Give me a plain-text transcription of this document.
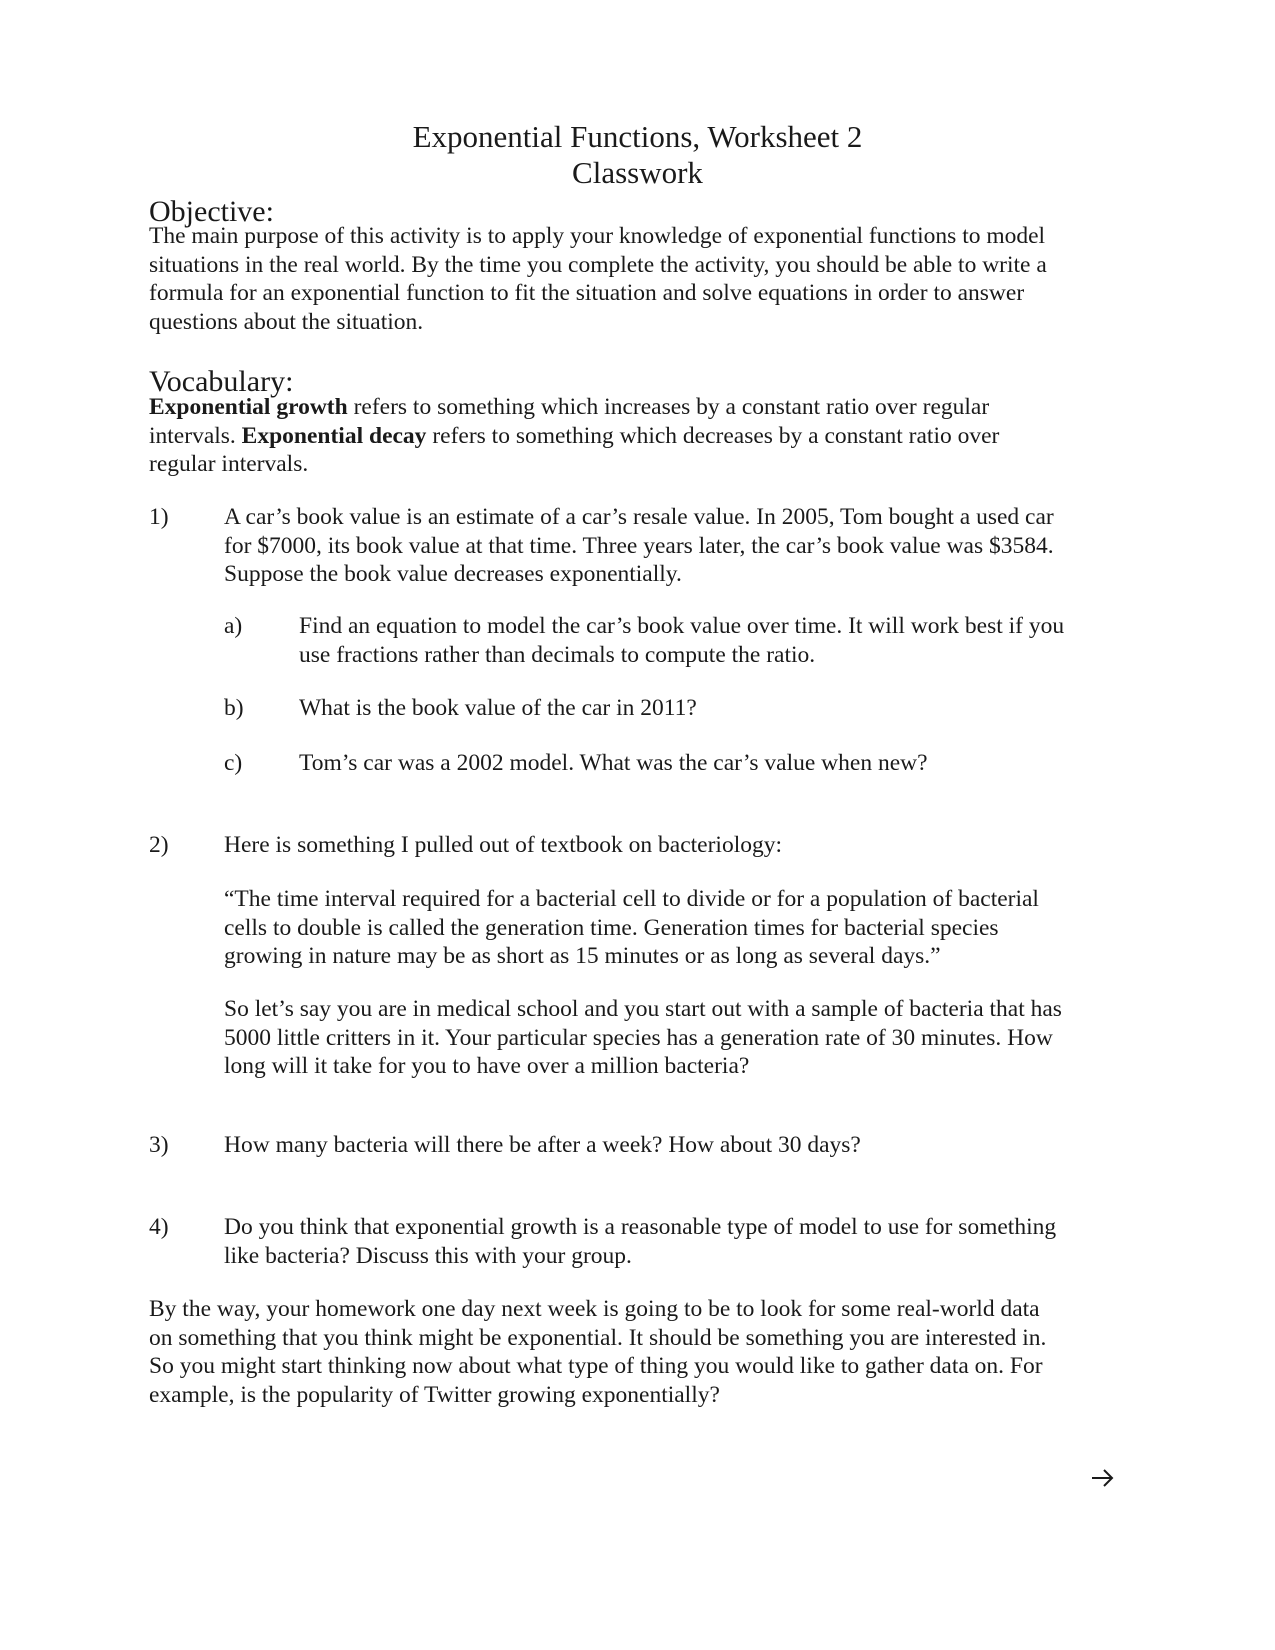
Exponential Functions, Worksheet 2
Classwork
Objective:
The main purpose of this activity is to apply your knowledge of exponential functions to model
situations in the real world. By the time you complete the activity, you should be able to write a
formula for an exponential function to fit the situation and solve equations in order to answer
questions about the situation.
Vocabulary:
Exponential growth refers to something which increases by a constant ratio over regular
intervals. Exponential decay refers to something which decreases by a constant ratio over
regular intervals.
1) A car’s book value is an estimate of a car’s resale value. In 2005, Tom bought a used car
for $7000, its book value at that time. Three years later, the car’s book value was $3584.
Suppose the book value decreases exponentially.
a) Find an equation to model the car’s book value over time. It will work best if you
use fractions rather than decimals to compute the ratio.
b) What is the book value of the car in 2011?
c) Tom’s car was a 2002 model. What was the car’s value when new?
2) Here is something I pulled out of textbook on bacteriology:
“The time interval required for a bacterial cell to divide or for a population of bacterial
cells to double is called the generation time. Generation times for bacterial species
growing in nature may be as short as 15 minutes or as long as several days.”
So let’s say you are in medical school and you start out with a sample of bacteria that has
5000 little critters in it. Your particular species has a generation rate of 30 minutes. How
long will it take for you to have over a million bacteria?
3) How many bacteria will there be after a week? How about 30 days?
4) Do you think that exponential growth is a reasonable type of model to use for something
like bacteria? Discuss this with your group.
By the way, your homework one day next week is going to be to look for some real-world data
on something that you think might be exponential. It should be something you are interested in.
So you might start thinking now about what type of thing you would like to gather data on. For
example, is the popularity of Twitter growing exponentially?
